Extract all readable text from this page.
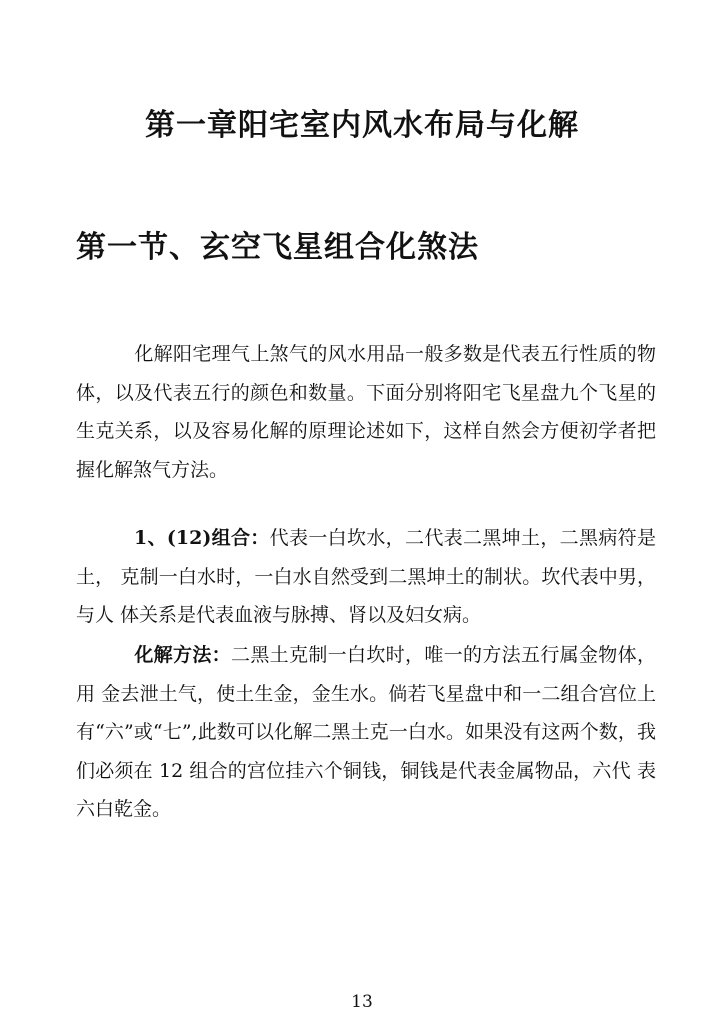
第一章阳宅室内风水布局与化解
第一节、玄空飞星组合化煞法

化解阳宅理气上煞气的风水用品一般多数是代表五行性质的物体，以及代表五行的颜色和数量。下面分别将阳宅飞星盘九个飞星的生克关系，以及容易化解的原理论述如下，这样自然会方便初学者把握化解煞气方法。

1、(12)组合：代表一白坎水，二代表二黑坤土，二黑病符是土， 克制一白水时，一白水自然受到二黑坤土的制状。坎代表中男，与人 体关系是代表血液与脉搏、肾以及妇女病。

化解方法：二黑土克制一白坎时，唯一的方法五行属金物体，用 金去泄土气，使土生金，金生水。倘若飞星盘中和一二组合宫位上有“六”或“七”,此数可以化解二黑土克一白水。如果没有这两个数，我们必须在 12 组合的宫位挂六个铜钱，铜钱是代表金属物品，六代 表六白乾金。

13
